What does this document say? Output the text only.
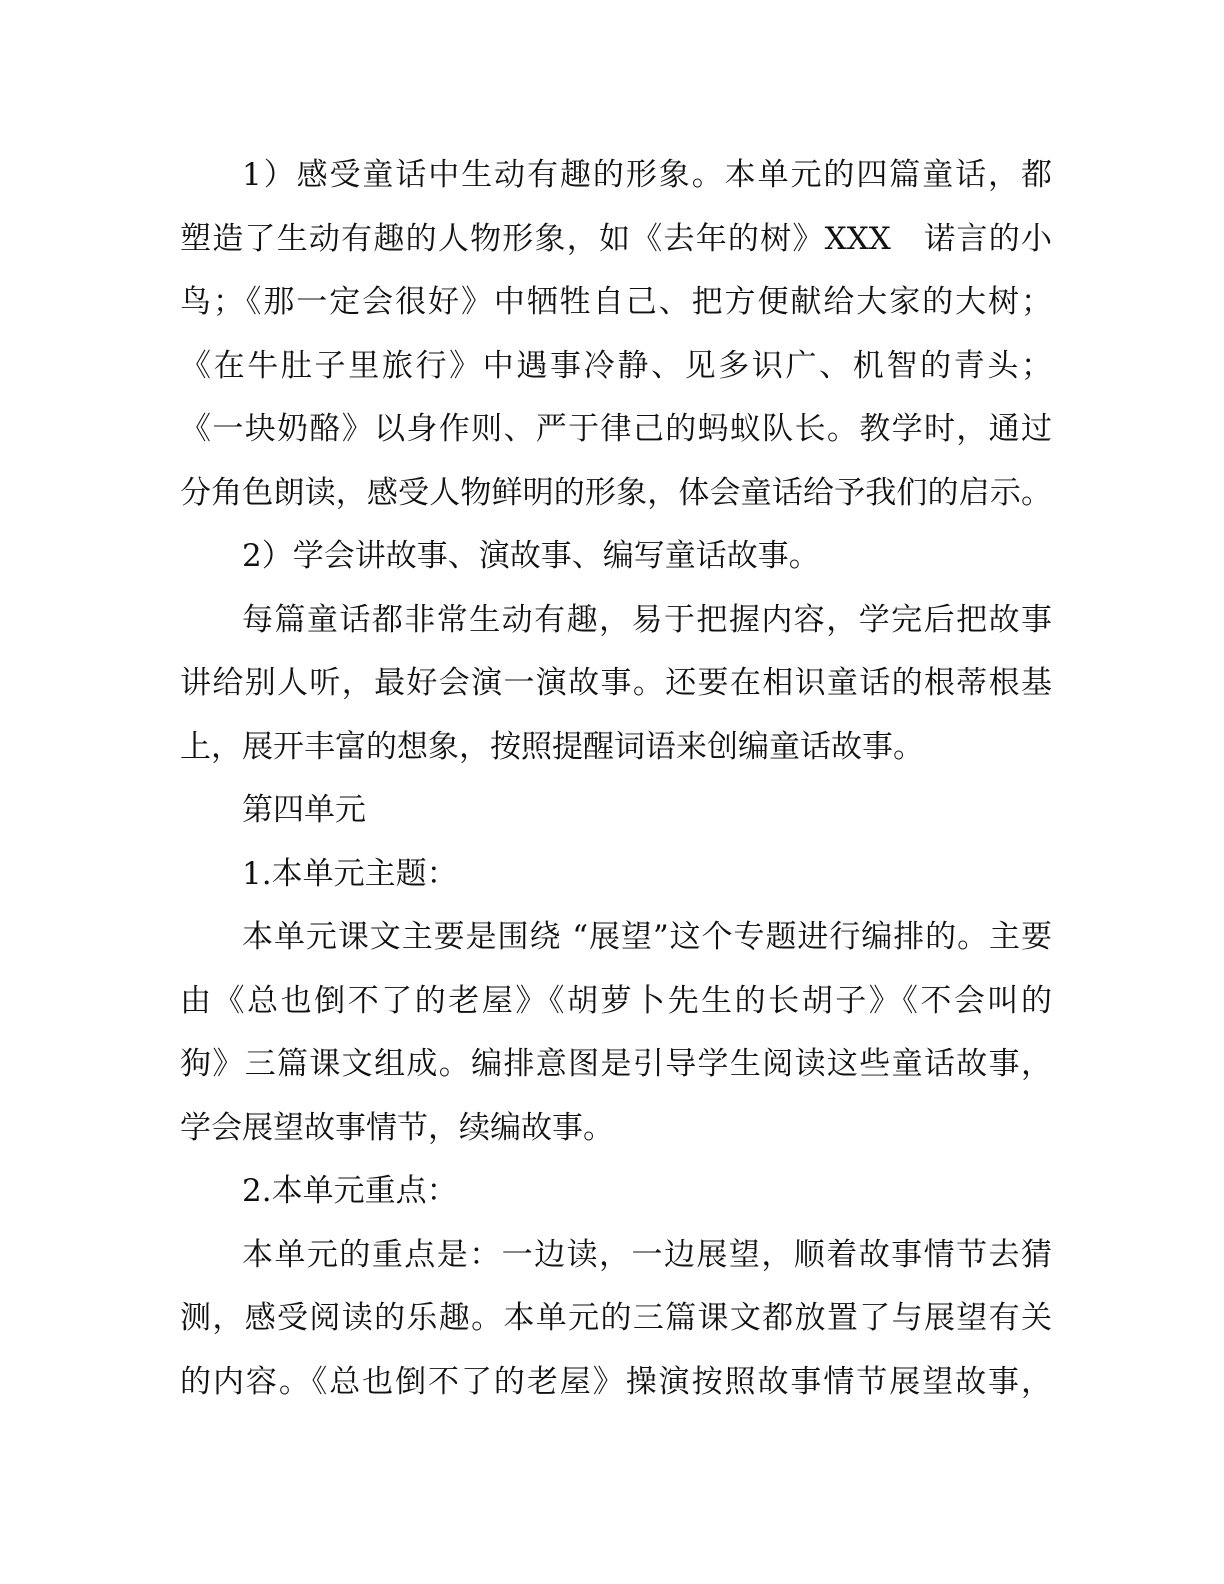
1）感受童话中生动有趣的形象。本单元的四篇童话，都
塑造了生动有趣的人物形象，如《去年的树》XXX　诺言的小
鸟；《那一定会很好》中牺牲自己、把方便献给大家的大树；
《在牛肚子里旅行》中遇事冷静、见多识广、机智的青头；
《一块奶酪》以身作则、严于律己的蚂蚁队长。教学时，通过
分角色朗读，感受人物鲜明的形象，体会童话给予我们的启示。
2）学会讲故事、演故事、编写童话故事。
每篇童话都非常生动有趣，易于把握内容，学完后把故事
讲给别人听，最好会演一演故事。还要在相识童话的根蒂根基
上，展开丰富的想象，按照提醒词语来创编童话故事。
第四单元
1.本单元主题：
本单元课文主要是围绕 “展望”这个专题进行编排的。主要
由《总也倒不了的老屋》《胡萝卜先生的长胡子》《不会叫的
狗》三篇课文组成。编排意图是引导学生阅读这些童话故事，
学会展望故事情节，续编故事。
2.本单元重点：
本单元的重点是：一边读，一边展望，顺着故事情节去猜
测，感受阅读的乐趣。本单元的三篇课文都放置了与展望有关
的内容。《总也倒不了的老屋》操演按照故事情节展望故事，
